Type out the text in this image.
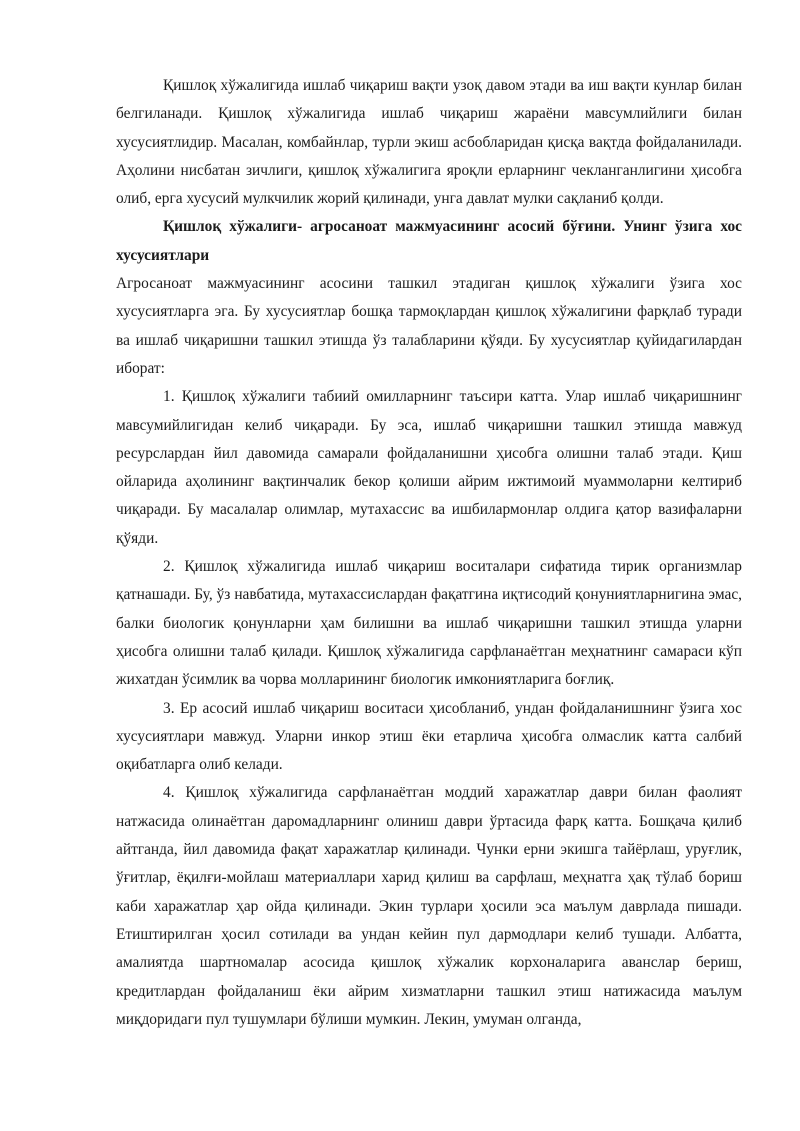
Қишлоқ хўжалигида ишлаб чиқариш вақти узоқ давом этади ва иш вақти кунлар билан белгиланади. Қишлоқ хўжалигида ишлаб чиқариш жараёни мавсумлийлиги билан хусусиятлидир. Масалан, комбайнлар, турли экиш асбобларидан қисқа вақтда фойдаланилади. Аҳолини нисбатан зичлиги, қишлоқ хўжалигига яроқли ерларнинг чекланганлигини ҳисобга олиб, ерга хусусий мулкчилик жорий қилинади, унга давлат мулки сақланиб қолди.

Қишлоқ хўжалиги- агросаноат мажмуасининг асосий бўғини. Унинг ўзига хос хусусиятлари

Агросаноат мажмуасининг асосини ташкил этадиган қишлоқ хўжалиги ўзига хос хусусиятларга эга. Бу хусусиятлар бошқа тармоқлардан қишлоқ хўжалигини фарқлаб туради ва ишлаб чиқаришни ташкил этишда ўз талабларини қўяди. Бу хусусиятлар қуйидагилардан иборат:

1. Қишлоқ хўжалиги табиий омилларнинг таъсири катта. Улар ишлаб чиқаришнинг мавсумийлигидан келиб чиқаради. Бу эса, ишлаб чиқаришни ташкил этишда мавжуд ресурслардан йил давомида самарали фойдаланишни ҳисобга олишни талаб этади. Қиш ойларида аҳолининг вақтинчалик бекор қолиши айрим ижтимоий муаммоларни келтириб чиқаради. Бу масалалар олимлар, мутахассис ва ишбилармонлар олдига қатор вазифаларни қўяди.

2. Қишлоқ хўжалигида ишлаб чиқариш воситалари сифатида тирик организмлар қатнашади. Бу, ўз навбатида, мутахассислардан фақатгина иқтисодий қонуниятларнигина эмас, балки биологик қонунларни ҳам билишни ва ишлаб чиқаришни ташкил этишда уларни ҳисобга олишни талаб қилади. Қишлоқ хўжалигида сарфланаётган меҳнатнинг самараси кўп жихатдан ўсимлик ва чорва молларининг биологик имкониятларига боғлиқ.

3. Ер асосий ишлаб чиқариш воситаси ҳисобланиб, ундан фойдаланишнинг ўзига хос хусусиятлари мавжуд. Уларни инкор этиш ёки етарлича ҳисобга олмаслик катта салбий оқибатларга олиб келади.

4. Қишлоқ хўжалигида сарфланаётган моддий харажатлар даври билан фаолият натжасида олинаётган даромадларнинг олиниш даври ўртасида фарқ катта. Бошқача қилиб айтганда, йил давомида фақат харажатлар қилинади. Чунки ерни экишга тайёрлаш, уруғлик, ўғитлар, ёқилғи-мойлаш материаллари харид қилиш ва сарфлаш, меҳнатга ҳақ тўлаб бориш каби харажатлар ҳар ойда қилинади. Экин турлари ҳосили эса маълум даврлада пишади. Етиштирилган ҳосил сотилади ва ундан кейин пул дармодлари келиб тушади. Албатта, амалиятда шартномалар асосида қишлоқ хўжалик корхоналарига аванслар бериш, кредитлардан фойдаланиш ёки айрим хизматларни ташкил этиш натижасида маълум миқдоридаги пул тушумлари бўлиши мумкин. Лекин, умуман олганда,
